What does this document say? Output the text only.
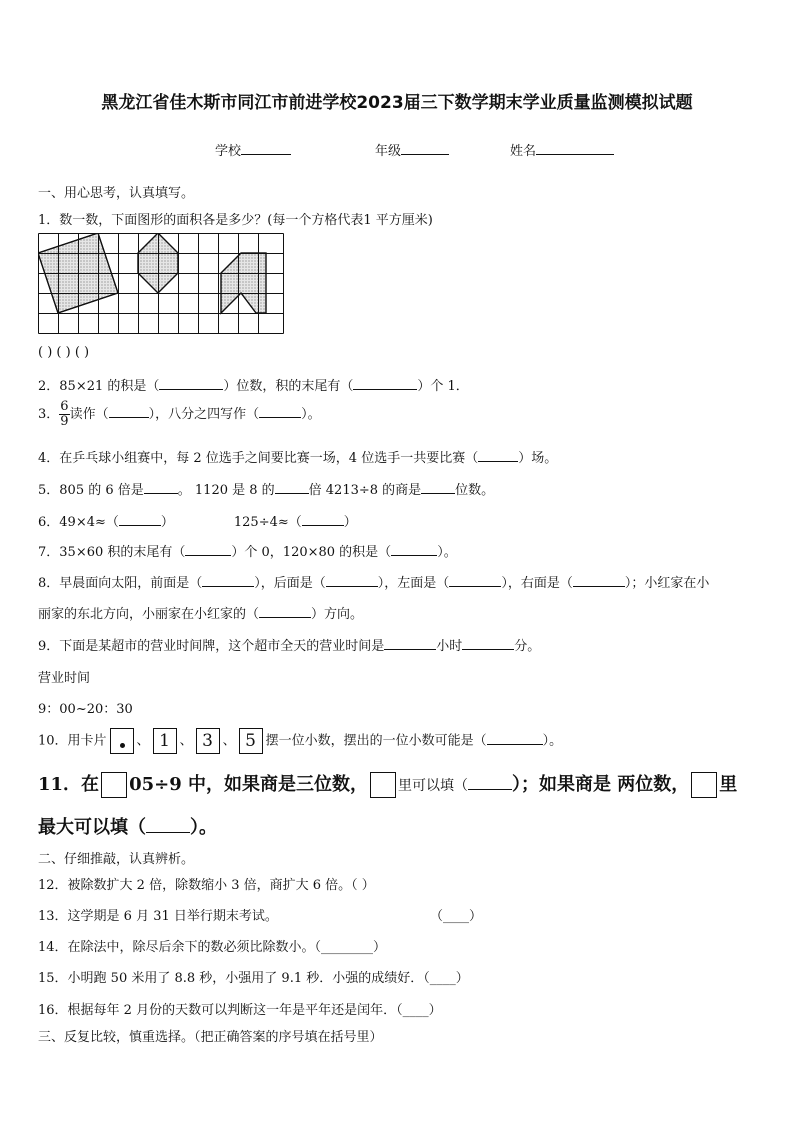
黑龙江省佳木斯市同江市前进学校2023届三下数学期末学业质量监测模拟试题
学校	年级	姓名
一、用心思考，认真填写。
1．数一数，下面图形的面积各是多少？(每一个方格代表1 平方厘米)
( ) ( ) ( )
2．85×21 的积是（	）位数，积的末尾有（	）个 1．
3． $\frac{6}{9}$ 读作（	），八分之四写作（	）。
4．在乒乓球小组赛中，每 2 位选手之间要比赛一场，4 位选手一共要比赛（	）场。
5．805 的 6 倍是	。 1120 是 8 的	倍 4213÷8 的商是	位数。
6．49×4≈（	）	125÷4≈（	）
7．35×60 积的末尾有（	）个 0，120×80 的积是（	）。
8．早晨面向太阳，前面是（	），后面是（	），左面是（	），右面是（	）；小红家在小
丽家的东北方向，小丽家在小红家的（	）方向。
9．下面是某超市的营业时间牌，这个超市全天的营业时间是	小时	分。
营业时间
9：00~20：30
10．用卡片 、 1 、 3 、 5 摆一位小数，摆出的一位小数可能是（	）。
11．在 05÷9 中，如果商是三位数， 里可以填（ ）；如果商是 两位数， 里
最大可以填（ ）。
二、仔细推敲，认真辨析。
12．被除数扩大 2 倍，除数缩小 3 倍，商扩大 6 倍。（ ）
13．这学期是 6 月 31 日举行期末考试。	（____）
14．在除法中，除尽后余下的数必须比除数小。（________）
15．小明跑 50 米用了 8.8 秒，小强用了 9.1 秒．小强的成绩好．（____）
16．根据每年 2 月份的天数可以判断这一年是平年还是闰年．（____）
三、反复比较，慎重选择。（把正确答案的序号填在括号里）
